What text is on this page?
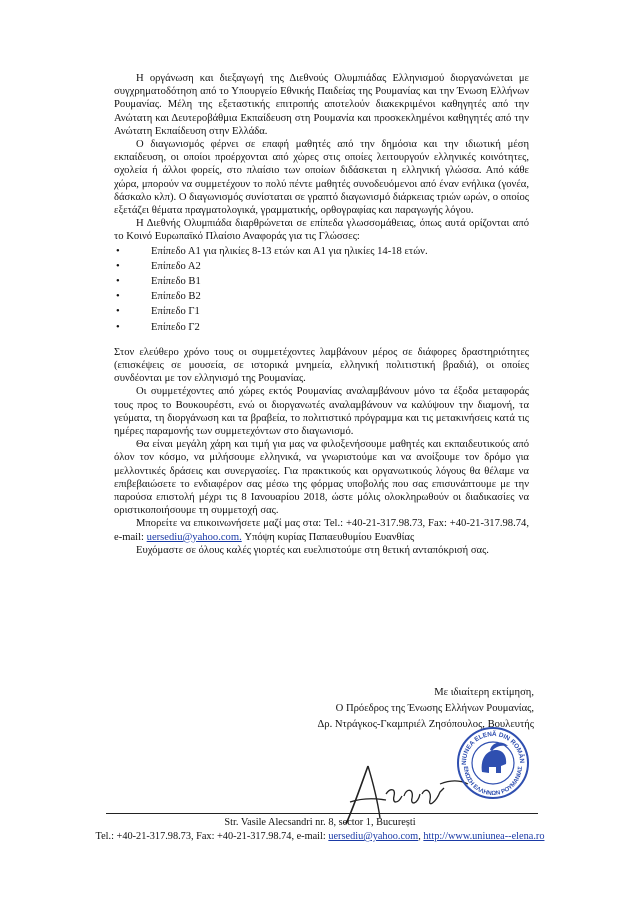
Η οργάνωση και διεξαγωγή της Διεθνούς Ολυμπιάδας Ελληνισμού διοργανώνεται με συγχρηματοδότηση από το Υπουργείο Εθνικής Παιδείας της Ρουμανίας και την Ένωση Ελλήνων Ρουμανίας. Μέλη της εξεταστικής επιτροπής αποτελούν διακεκριμένοι καθηγητές από την Ανώτατη και Δευτεροβάθμια Εκπαίδευση στη Ρουμανία και προσκεκλημένοι καθηγητές από την Ανώτατη Εκπαίδευση στην Ελλάδα.

Ο διαγωνισμός φέρνει σε επαφή μαθητές από την δημόσια και την ιδιωτική μέση εκπαίδευση, οι οποίοι προέρχονται από χώρες στις οποίες λειτουργούν ελληνικές κοινότητες, σχολεία ή άλλοι φορείς, στο πλαίσιο των οποίων διδάσκεται η ελληνική γλώσσα. Από κάθε χώρα, μπορούν να συμμετέχουν το πολύ πέντε μαθητές συνοδευόμενοι από έναν ενήλικα (γονέα, δάσκαλο κλπ). Ο διαγωνισμός συνίσταται σε γραπτό διαγωνισμό διάρκειας τριών ωρών, ο οποίος εξετάζει θέματα πραγματολογικά, γραμματικής, ορθογραφίας και παραγωγής λόγου.

Η Διεθνής Ολυμπιάδα διαρθρώνεται σε επίπεδα γλωσσομάθειας, όπως αυτά ορίζονται από το Κοινό Ευρωπαϊκό Πλαίσιο Αναφοράς για τις Γλώσσες:

•	Επίπεδο Α1 για ηλικίες 8-13 ετών και Α1 για ηλικίες 14-18 ετών.
•	Επίπεδο Α2
•	Επίπεδο Β1
•	Επίπεδο Β2
•	Επίπεδο Γ1
•	Επίπεδο Γ2

Στον ελεύθερο χρόνο τους οι συμμετέχοντες λαμβάνουν μέρος σε διάφορες δραστηριότητες (επισκέψεις σε μουσεία, σε ιστορικά μνημεία, ελληνική πολιτιστική βραδιά), οι οποίες συνδέονται με τον ελληνισμό της Ρουμανίας.

Οι συμμετέχοντες από χώρες εκτός Ρουμανίας αναλαμβάνουν μόνο τα έξοδα μεταφοράς τους προς το Βουκουρέστι, ενώ οι διοργανωτές αναλαμβάνουν να καλύψουν την διαμονή, τα γεύματα, τη διοργάνωση και τα βραβεία, το πολιτιστικό πρόγραμμα και τις μετακινήσεις κατά τις ημέρες παραμονής των συμμετεχόντων στο διαγωνισμό.

Θα είναι μεγάλη χάρη και τιμή για μας να φιλοξενήσουμε μαθητές και εκπαιδευτικούς από όλον τον κόσμο, να μιλήσουμε ελληνικά, να γνωριστούμε και να ανοίξουμε τον δρόμο για μελλοντικές δράσεις και συνεργασίες. Για πρακτικούς και οργανωτικούς λόγους θα θέλαμε να επιβεβαιώσετε το ενδιαφέρον σας μέσω της φόρμας υποβολής που σας επισυνάπτουμε με την παρούσα επιστολή μέχρι τις 8 Ιανουαρίου 2018, ώστε μόλις ολοκληρωθούν οι διαδικασίες να οριστικοποιήσουμε τη συμμετοχή σας.

Μπορείτε να επικοινωνήσετε μαζί μας στα: Tel.: +40-21-317.98.73, Fax: +40-21-317.98.74, e-mail: uersediu@yahoo.com. Υπόψη κυρίας Παπαευθυμίου Ευανθίας

Ευχόμαστε σε όλους καλές γιορτές και ευελπιστούμε στη θετική ανταπόκρισή σας.

Με ιδιαίτερη εκτίμηση,
Ο Πρόεδρος της Ένωσης Ελλήνων Ρουμανίας,
Δρ. Ντράγκος-Γκαμπριέλ Ζησόπουλος, Βουλευτής
NIUNEA ELENĂ DIN ROMÂN
ΕΝΩΣΗ ΕΛΛΗΝΩΝ ΡΟΥΜΑΝΙΑΣ
Str. Vasile Alecsandri nr. 8, sector 1, București
Tel.: +40-21-317.98.73, Fax: +40-21-317.98.74, e-mail: uersediu@yahoo.com, http://www.uniunea--elena.ro
